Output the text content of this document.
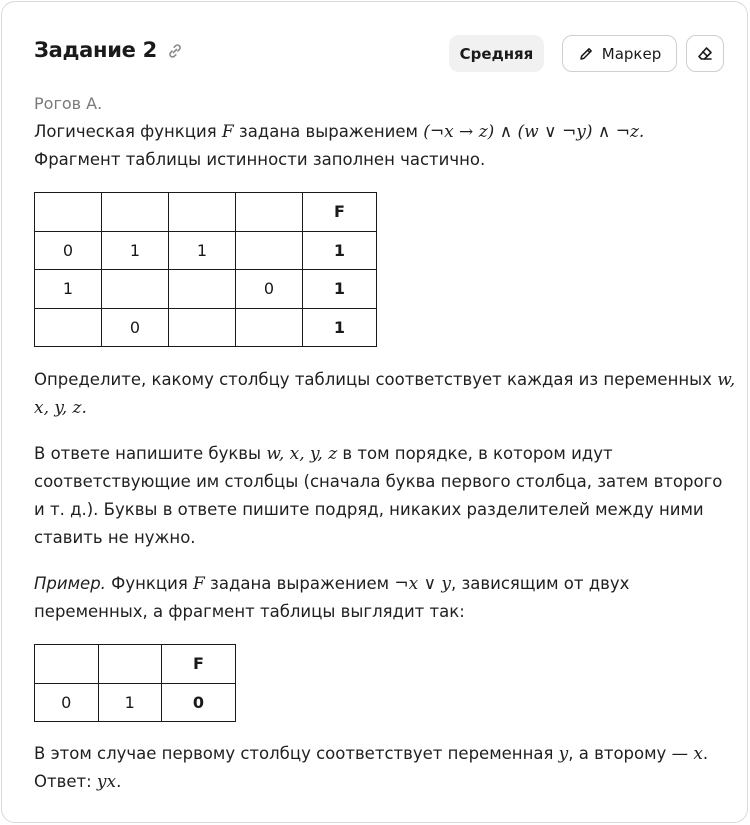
Задание 2	Средняя	Маркер
Рогов А.
Логическая функция F задана выражением (¬x → z) ∧ (w ∨ ¬y) ∧ ¬z.
Фрагмент таблицы истинности заполнен частично.
				F
0	1	1		1
1			0	1
	0			1
Определите, какому столбцу таблицы соответствует каждая из переменных w,
x, y, z.
В ответе напишите буквы w, x, y, z в том порядке, в котором идут
соответствующие им столбцы (сначала буква первого столбца, затем второго
и т. д.). Буквы в ответе пишите подряд, никаких разделителей между ними
ставить не нужно.
Пример. Функция F задана выражением ¬x ∨ y, зависящим от двух
переменных, а фрагмент таблицы выглядит так:
		F
0	1	0
В этом случае первому столбцу соответствует переменная y, а второму — x.
Ответ: yx.
